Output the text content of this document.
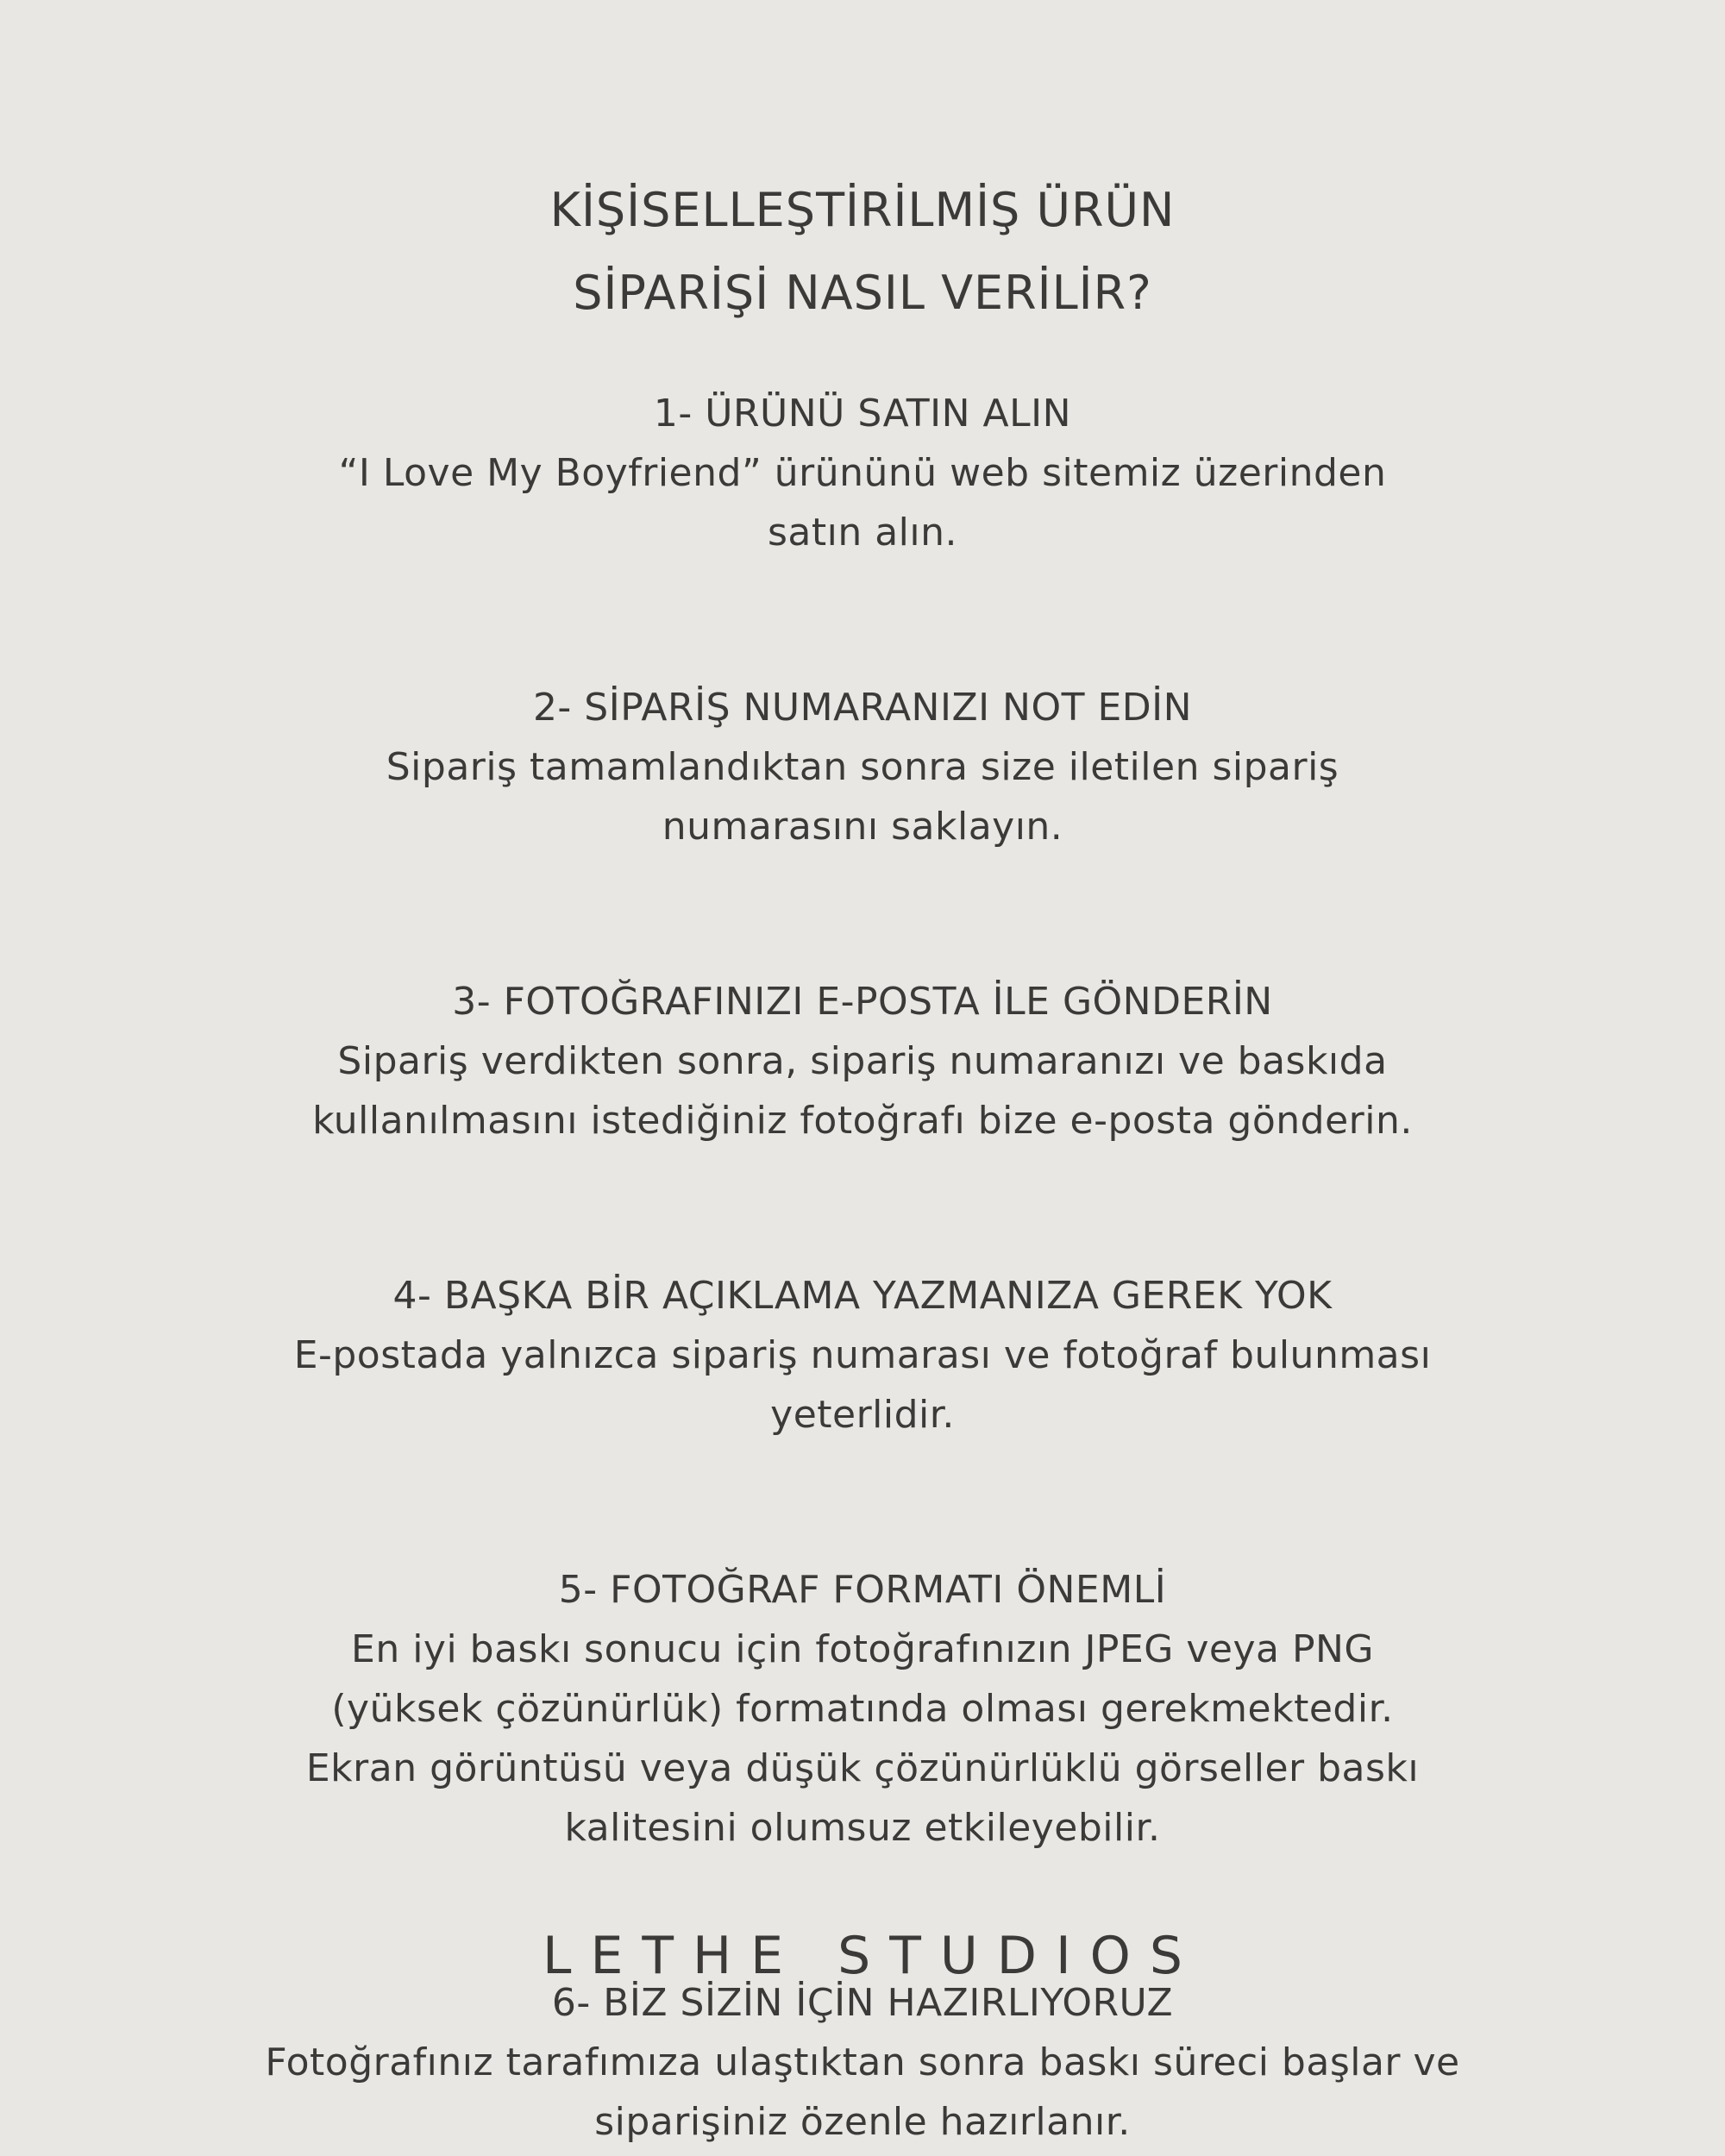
KİŞİSELLEŞTİRİLMİŞ ÜRÜN
SİPARİŞİ NASIL VERİLİR?
1- ÜRÜNÜ SATIN ALIN
“I Love My Boyfriend” ürününü web sitemiz üzerinden
satın alın.
2- SİPARİŞ NUMARANIZI NOT EDİN
Sipariş tamamlandıktan sonra size iletilen sipariş
numarasını saklayın.
3- FOTOĞRAFINIZI E-POSTA İLE GÖNDERİN
Sipariş verdikten sonra, sipariş numaranızı ve baskıda
kullanılmasını istediğiniz fotoğrafı bize e-posta gönderin.
4- BAŞKA BİR AÇIKLAMA YAZMANIZA GEREK YOK
E-postada yalnızca sipariş numarası ve fotoğraf bulunması
yeterlidir.
5- FOTOĞRAF FORMATI ÖNEMLİ
En iyi baskı sonucu için fotoğrafınızın JPEG veya PNG
(yüksek çözünürlük) formatında olması gerekmektedir.
Ekran görüntüsü veya düşük çözünürlüklü görseller baskı
kalitesini olumsuz etkileyebilir.
6- BİZ SİZİN İÇİN HAZIRLIYORUZ
Fotoğrafınız tarafımıza ulaştıktan sonra baskı süreci başlar ve
siparişiniz özenle hazırlanır.
LETHE STUDIOS
